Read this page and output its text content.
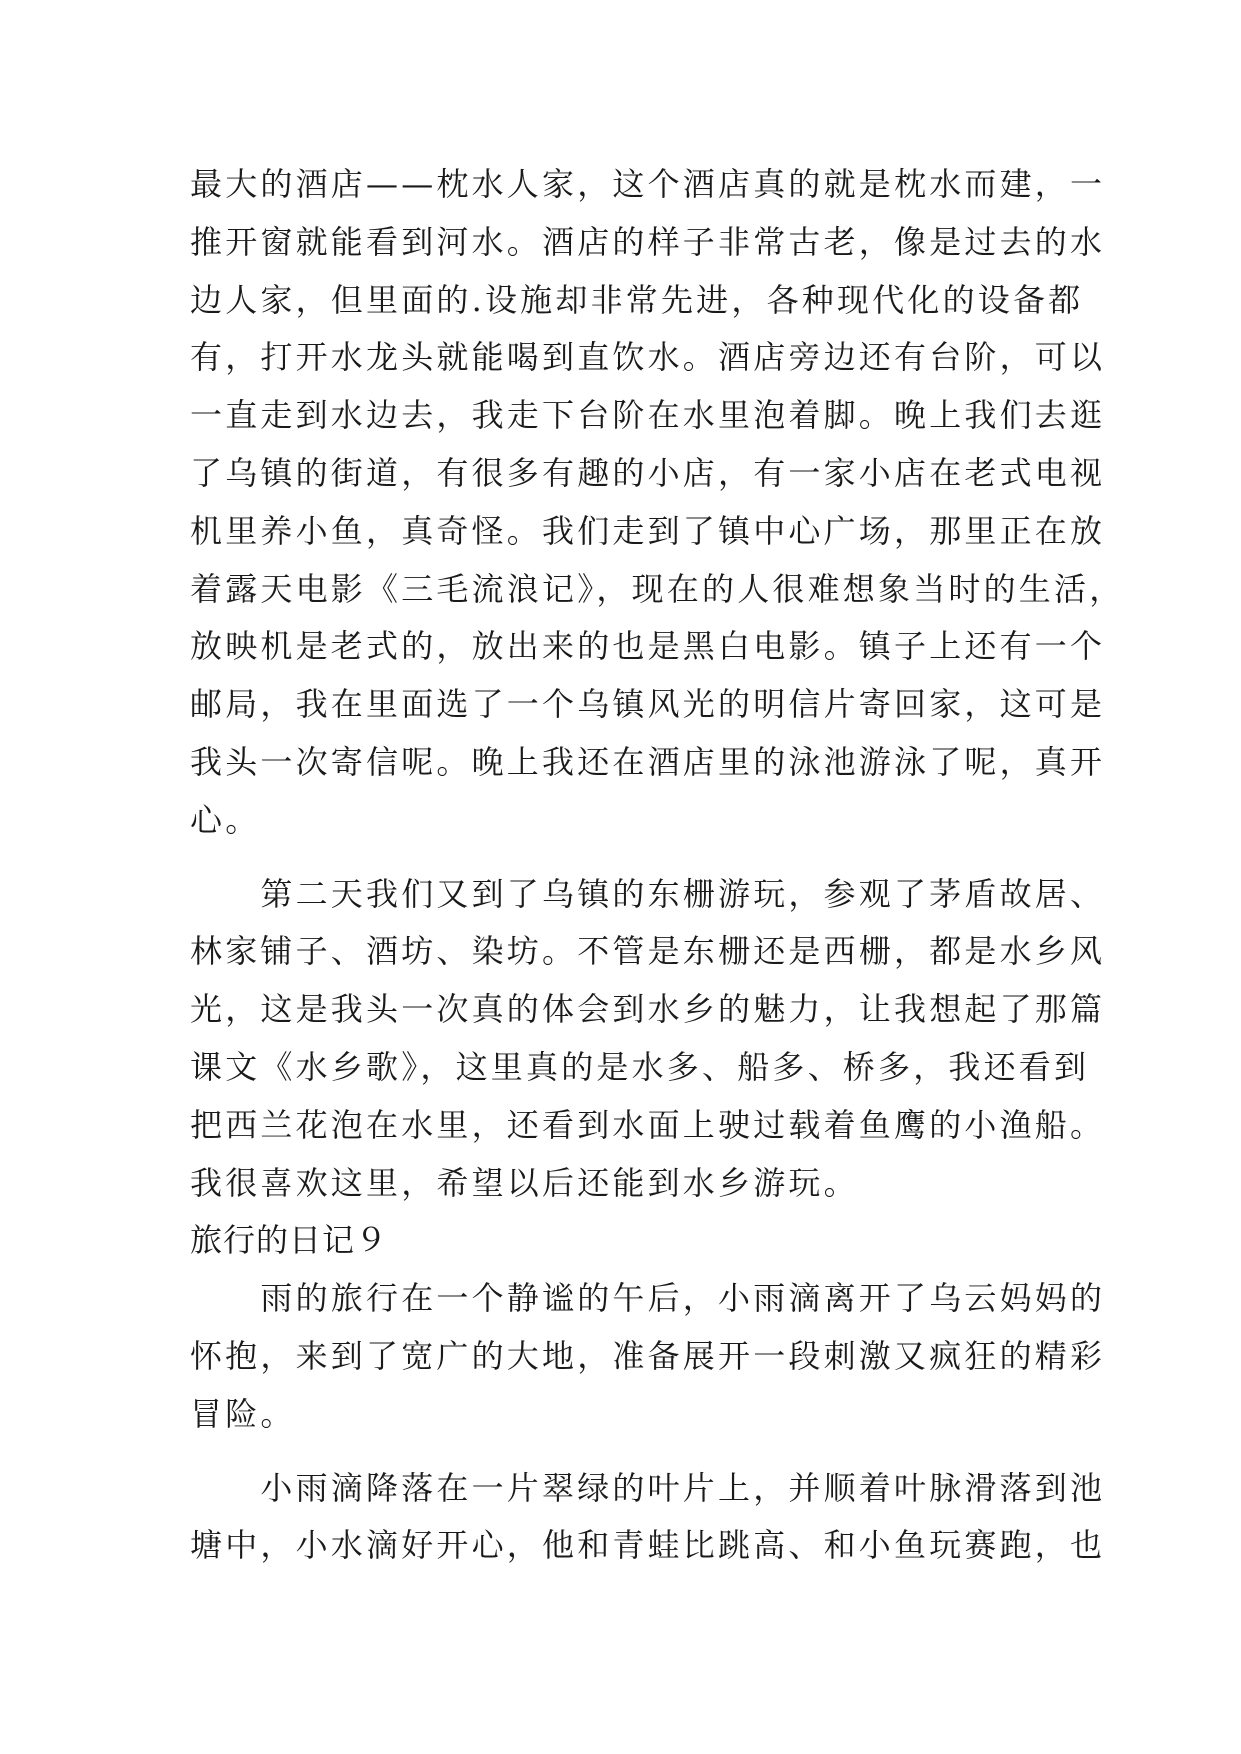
最大的酒店——枕水人家，这个酒店真的就是枕水而建，一
推开窗就能看到河水。酒店的样子非常古老，像是过去的水
边人家，但里面的.设施却非常先进，各种现代化的设备都
有，打开水龙头就能喝到直饮水。酒店旁边还有台阶，可以
一直走到水边去，我走下台阶在水里泡着脚。晚上我们去逛
了乌镇的街道，有很多有趣的小店，有一家小店在老式电视
机里养小鱼，真奇怪。我们走到了镇中心广场，那里正在放
着露天电影《三毛流浪记》，现在的人很难想象当时的生活，
放映机是老式的，放出来的也是黑白电影。镇子上还有一个
邮局，我在里面选了一个乌镇风光的明信片寄回家，这可是
我头一次寄信呢。晚上我还在酒店里的泳池游泳了呢，真开
心。
　　第二天我们又到了乌镇的东栅游玩，参观了茅盾故居、
林家铺子、酒坊、染坊。不管是东栅还是西栅，都是水乡风
光，这是我头一次真的体会到水乡的魅力，让我想起了那篇
课文《水乡歌》，这里真的是水多、船多、桥多，我还看到
把西兰花泡在水里，还看到水面上驶过载着鱼鹰的小渔船。
我很喜欢这里，希望以后还能到水乡游玩。
旅行的日记９
　　雨的旅行在一个静谧的午后，小雨滴离开了乌云妈妈的
怀抱，来到了宽广的大地，准备展开一段刺激又疯狂的精彩
冒险。
　　小雨滴降落在一片翠绿的叶片上，并顺着叶脉滑落到池
塘中，小水滴好开心，他和青蛙比跳高、和小鱼玩赛跑，也
